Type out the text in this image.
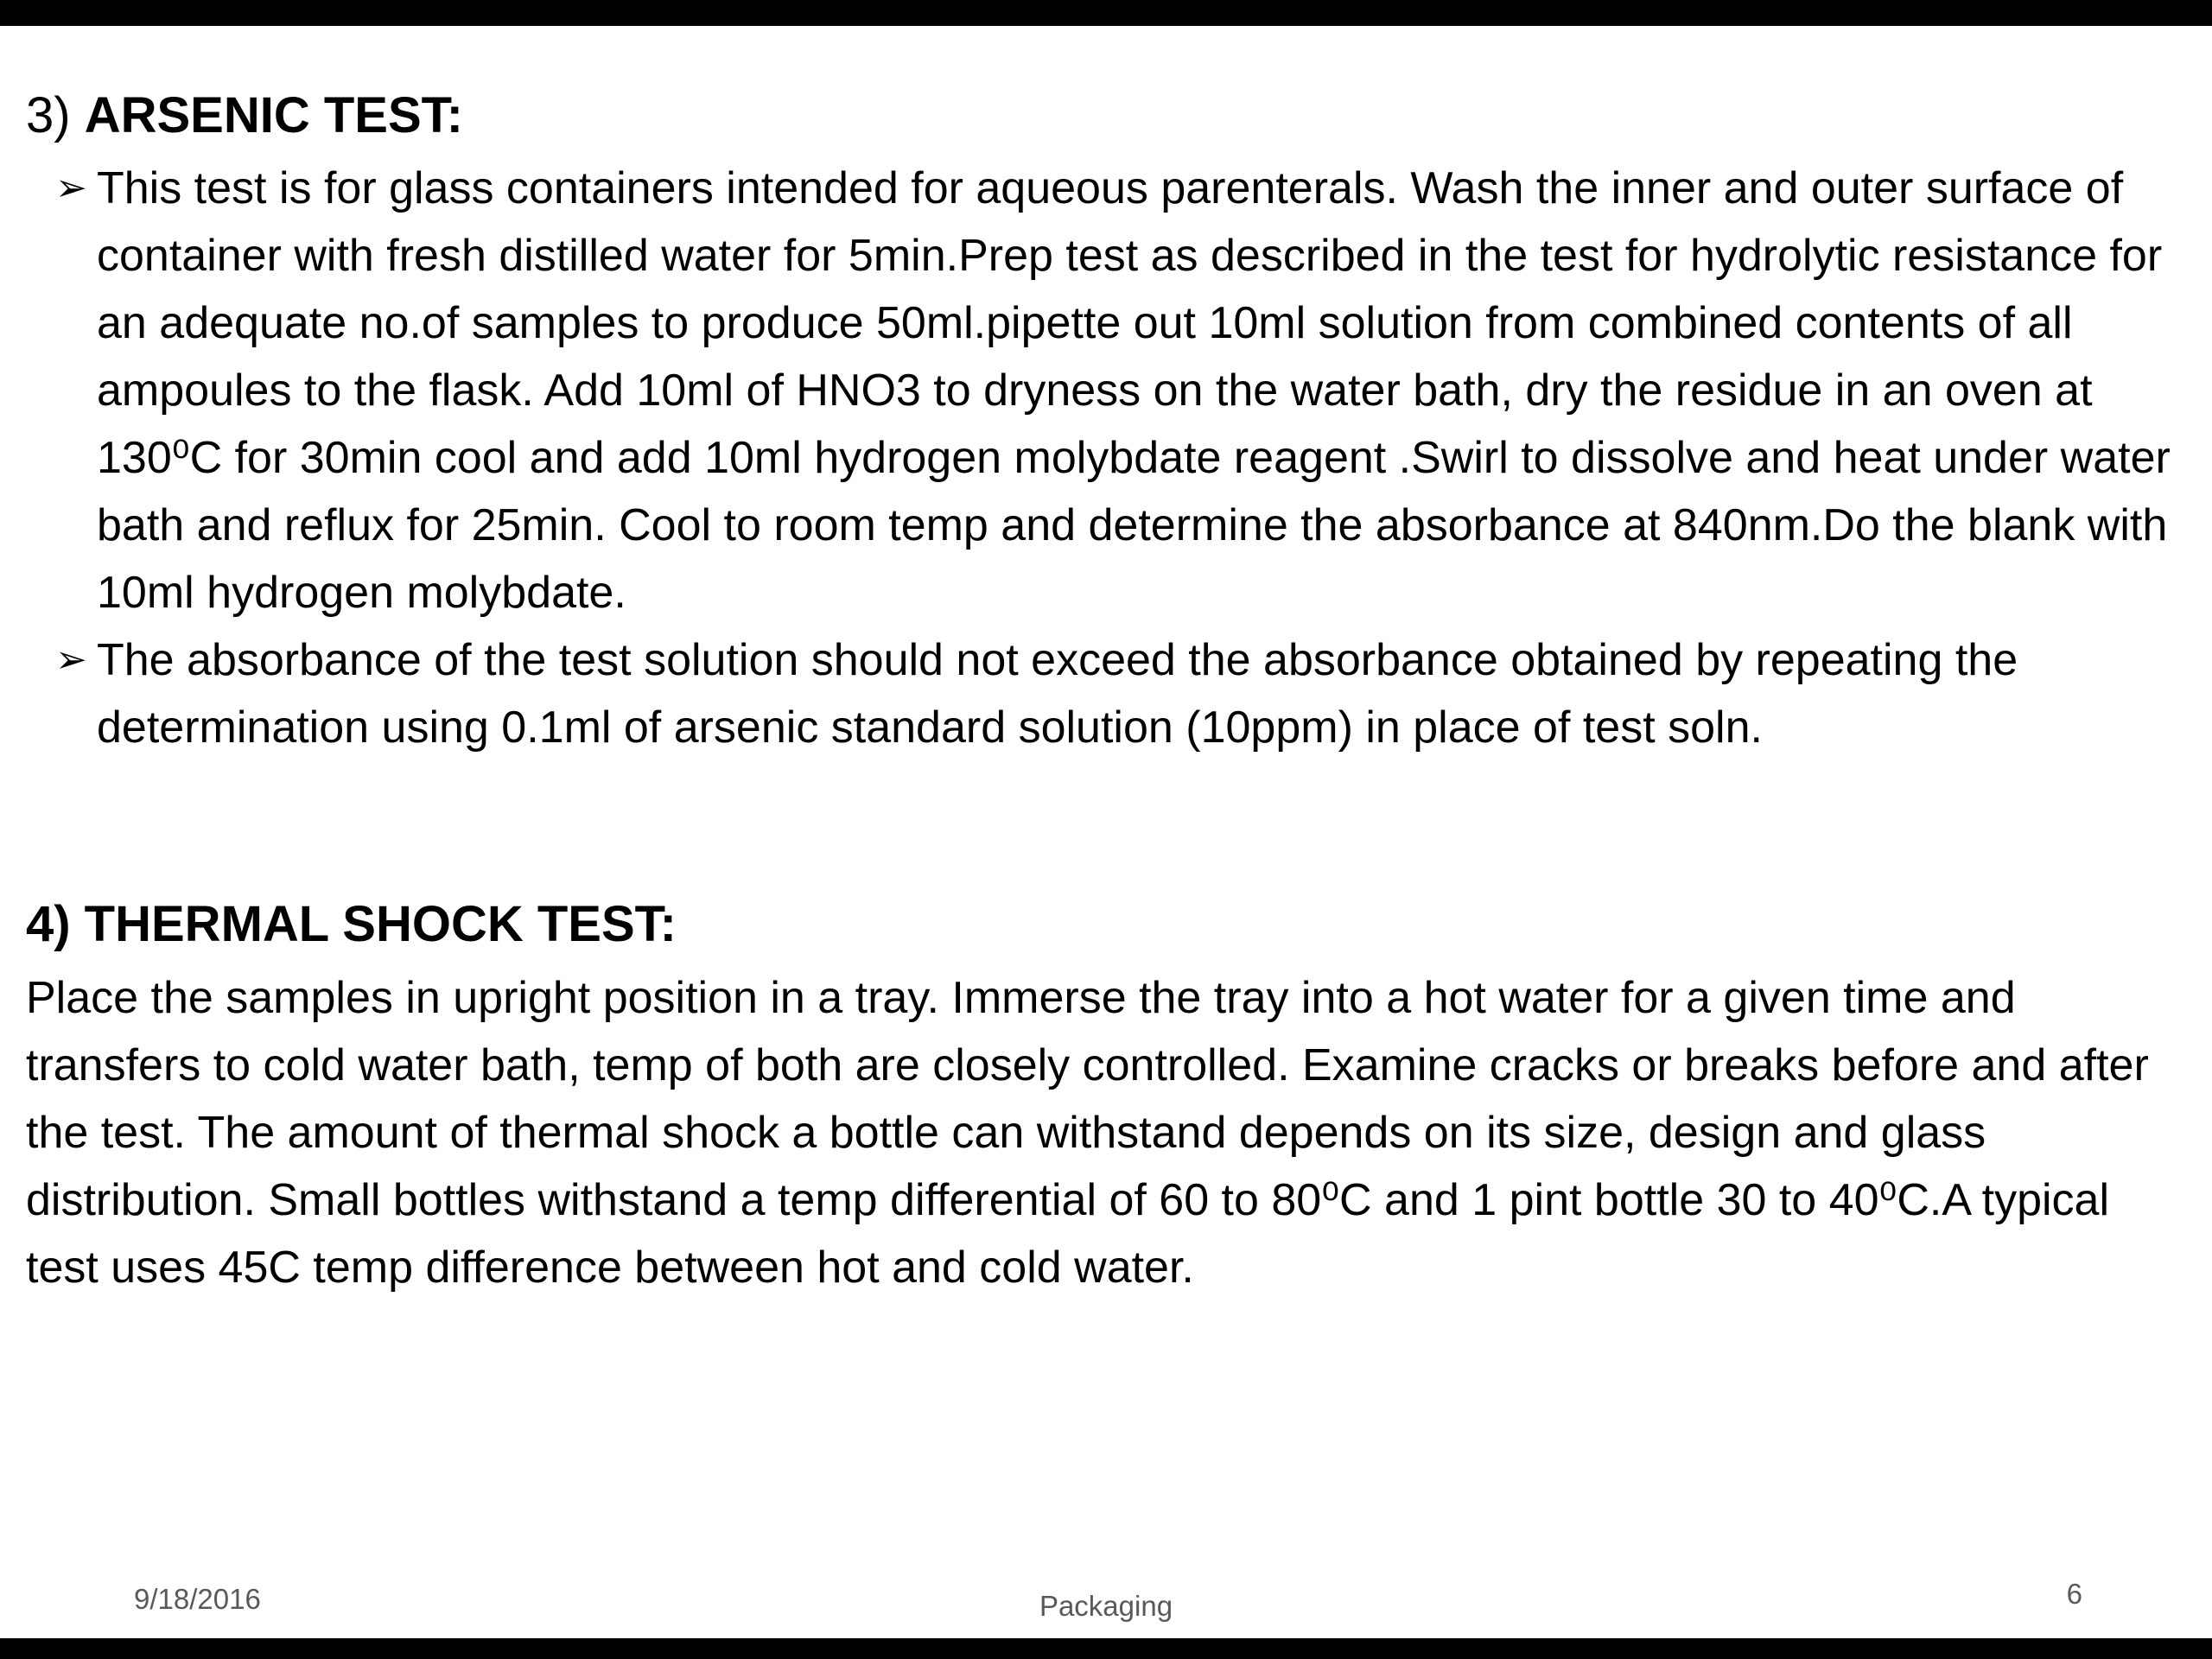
3) ARSENIC TEST:
➢ This test is for glass containers intended for aqueous parenterals. Wash the inner and outer surface of container with fresh distilled water for 5min.Prep test as described in the test for hydrolytic resistance for an adequate no.of samples to produce 50ml.pipette out 10ml solution from combined contents of all ampoules to the flask. Add 10ml of HNO3 to dryness on the water bath, dry the residue in an oven at 130⁰C for 30min cool and add 10ml hydrogen molybdate reagent .Swirl to dissolve and heat under water bath and reflux for 25min. Cool to room temp and determine the absorbance at 840nm.Do the blank with 10ml hydrogen molybdate.

➢ The absorbance of the test solution should not exceed the absorbance obtained by repeating the determination using 0.1ml of arsenic standard solution (10ppm) in place of test soln.

4) THERMAL SHOCK TEST:

Place the samples in upright position in a tray. Immerse the tray into a hot water for a given time and transfers to cold water bath, temp of both are closely controlled. Examine cracks or breaks before and after the test. The amount of thermal shock a bottle can withstand depends on its size, design and glass distribution. Small bottles withstand a temp differential of 60 to 80⁰C and 1 pint bottle 30 to 40⁰C.A typical test uses 45C temp difference between hot and cold water.

9/18/2016	Packaging	6
